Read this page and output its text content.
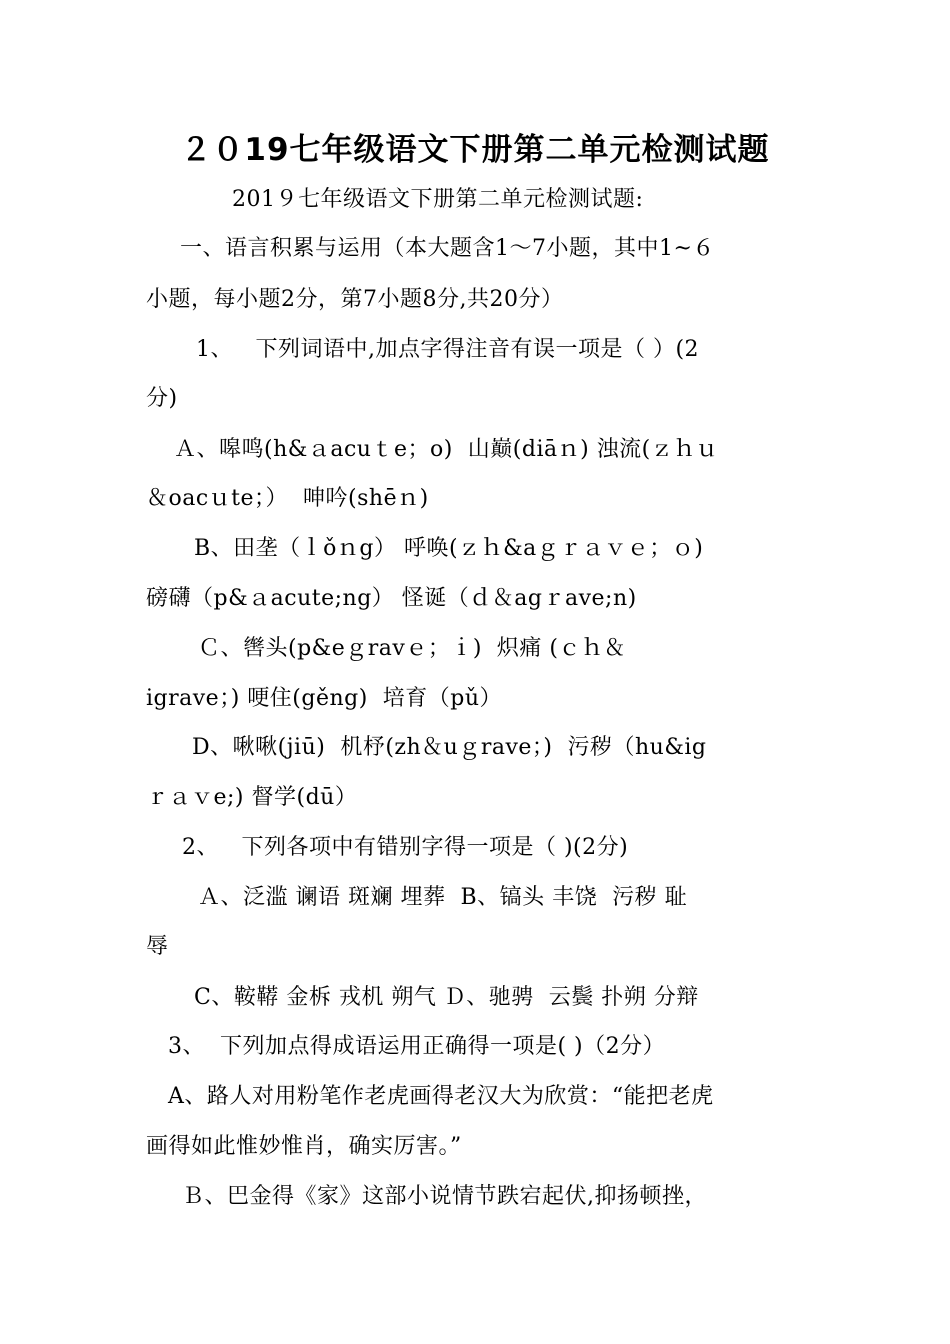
２０19七年级语文下册第二单元检测试题
201９七年级语文下册第二单元检测试题:
一、语言积累与运用（本大题含1～7小题，其中1~６
小题，每小题2分，第7小题8分,共20分）
1、   下列词语中,加点字得注音有误一项是（ ）(2
分)
Ａ、嗥鸣(h&ａacuｔe；o)  山巅(diāｎ) 浊流(ｚｈｕ
＆oacｕte；）  呻吟(shēｎ)
B、田垄（ｌǒｎg） 呼唤(ｚｈ&aｇｒａｖｅ；ｏ)
磅礴（p&ａacute;ng） 怪诞（ｄ＆agｒave;n)
Ｃ、辔头(p&eｇravｅ；ｉ)  炽痛 (ｃｈ＆
igrave；) 哽住(gěng)  培育（pǔ）
D、啾啾(jiū)  机杼(zh＆uｇrave；)  污秽（hu&ig
ｒａｖe;) 督学(dū）
2、   下列各项中有错别字得一项是（ )(2分)
Ａ、泛滥 谰语 斑斓 埋葬  B、镐头 丰饶  污秽 耻
辱
C、鞍鞯 金柝 戎机 朔气 Ｄ、驰骋  云鬓 扑朔 分辩
3、  下列加点得成语运用正确得一项是( )（2分）
A、路人对用粉笔作老虎画得老汉大为欣赏：“能把老虎
画得如此惟妙惟肖，确实厉害。”
Ｂ、巴金得《家》这部小说情节跌宕起伏,抑扬顿挫，
